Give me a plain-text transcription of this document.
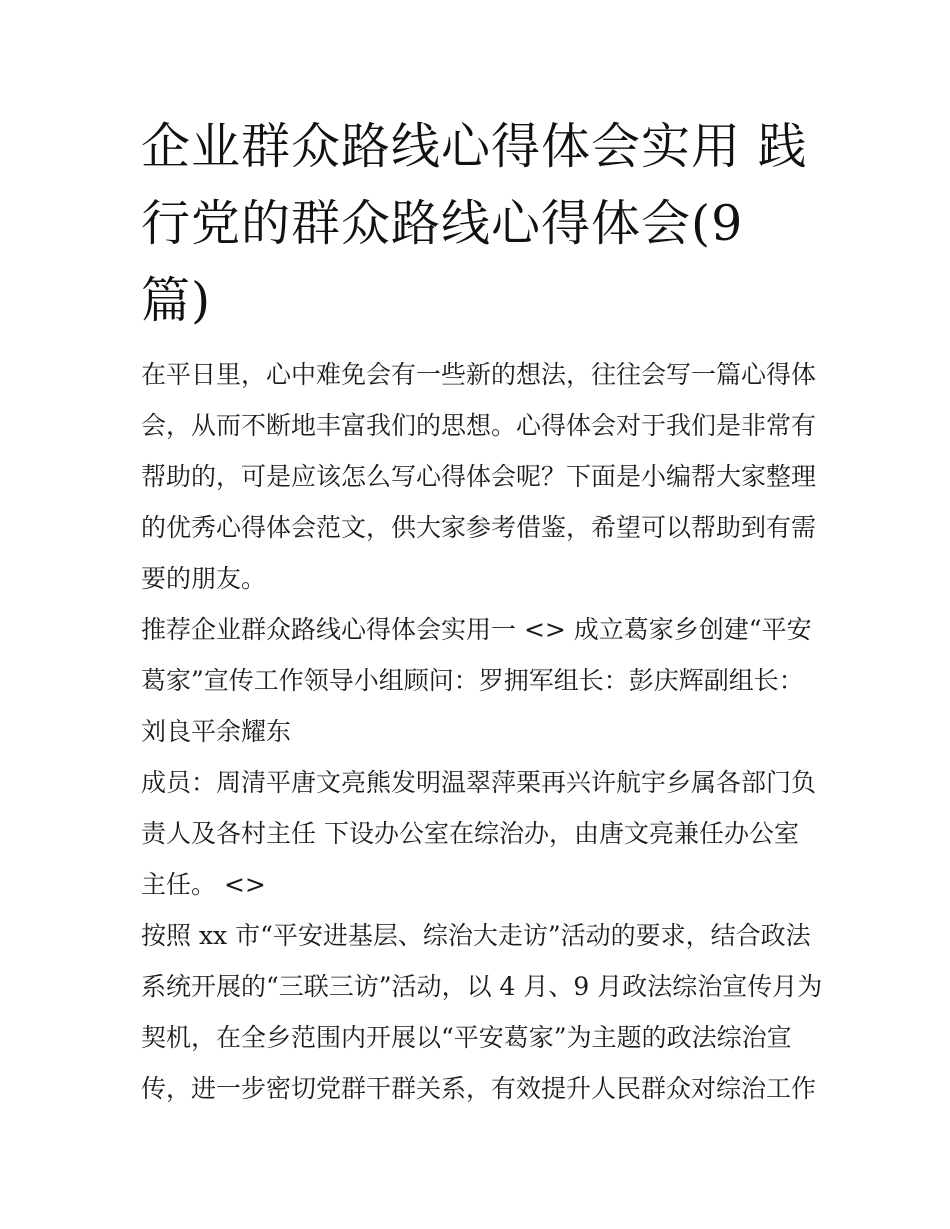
企业群众路线心得体会实用 践
行党的群众路线心得体会(9
篇)

在平日里，心中难免会有一些新的想法，往往会写一篇心得体
会，从而不断地丰富我们的思想。心得体会对于我们是非常有
帮助的，可是应该怎么写心得体会呢？下面是小编帮大家整理
的优秀心得体会范文，供大家参考借鉴，希望可以帮助到有需
要的朋友。

推荐企业群众路线心得体会实用一 <> 成立葛家乡创建“平安
葛家”宣传工作领导小组顾问：罗拥军组长：彭庆辉副组长：
刘良平余耀东

成员：周清平唐文亮熊发明温翠萍栗再兴许航宇乡属各部门负
责人及各村主任 下设办公室在综治办，由唐文亮兼任办公室
主任。 <>

按照 xx 市“平安进基层、综治大走访”活动的要求，结合政法
系统开展的“三联三访”活动，以 4 月、9 月政法综治宣传月为
契机，在全乡范围内开展以“平安葛家”为主题的政法综治宣
传，进一步密切党群干群关系，有效提升人民群众对综治工作
